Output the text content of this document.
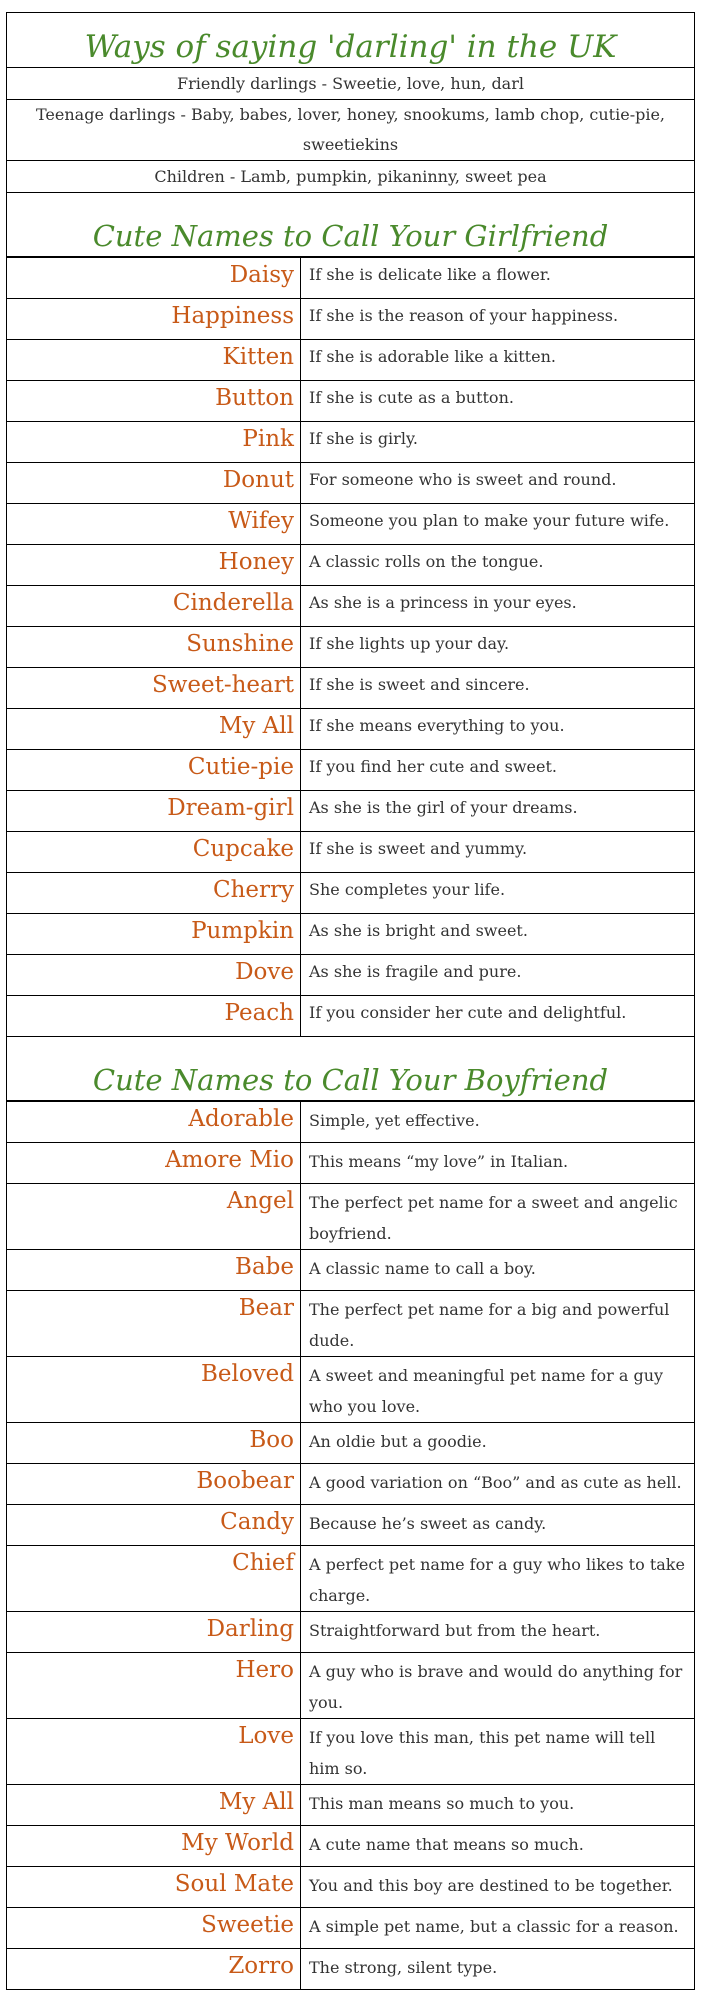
Ways of saying 'darling' in the UK
Friendly darlings - Sweetie, love, hun, darl
Teenage darlings - Baby, babes, lover, honey, snookums, lamb chop, cutie-pie, sweetiekins
Children - Lamb, pumpkin, pikaninny, sweet pea
Cute Names to Call Your Girlfriend
Daisy	If she is delicate like a flower.
Happiness	If she is the reason of your happiness.
Kitten	If she is adorable like a kitten.
Button	If she is cute as a button.
Pink	If she is girly.
Donut	For someone who is sweet and round.
Wifey	Someone you plan to make your future wife.
Honey	A classic rolls on the tongue.
Cinderella	As she is a princess in your eyes.
Sunshine	If she lights up your day.
Sweet-heart	If she is sweet and sincere.
My All	If she means everything to you.
Cutie-pie	If you find her cute and sweet.
Dream-girl	As she is the girl of your dreams.
Cupcake	If she is sweet and yummy.
Cherry	She completes your life.
Pumpkin	As she is bright and sweet.
Dove	As she is fragile and pure.
Peach	If you consider her cute and delightful.
Cute Names to Call Your Boyfriend
Adorable	Simple, yet effective.
Amore Mio	This means “my love” in Italian.
Angel	The perfect pet name for a sweet and angelic boyfriend.
Babe	A classic name to call a boy.
Bear	The perfect pet name for a big and powerful dude.
Beloved	A sweet and meaningful pet name for a guy who you love.
Boo	An oldie but a goodie.
Boobear	A good variation on “Boo” and as cute as hell.
Candy	Because he’s sweet as candy.
Chief	A perfect pet name for a guy who likes to take charge.
Darling	Straightforward but from the heart.
Hero	A guy who is brave and would do anything for you.
Love	If you love this man, this pet name will tell him so.
My All	This man means so much to you.
My World	A cute name that means so much.
Soul Mate	You and this boy are destined to be together.
Sweetie	A simple pet name, but a classic for a reason.
Zorro	The strong, silent type.
